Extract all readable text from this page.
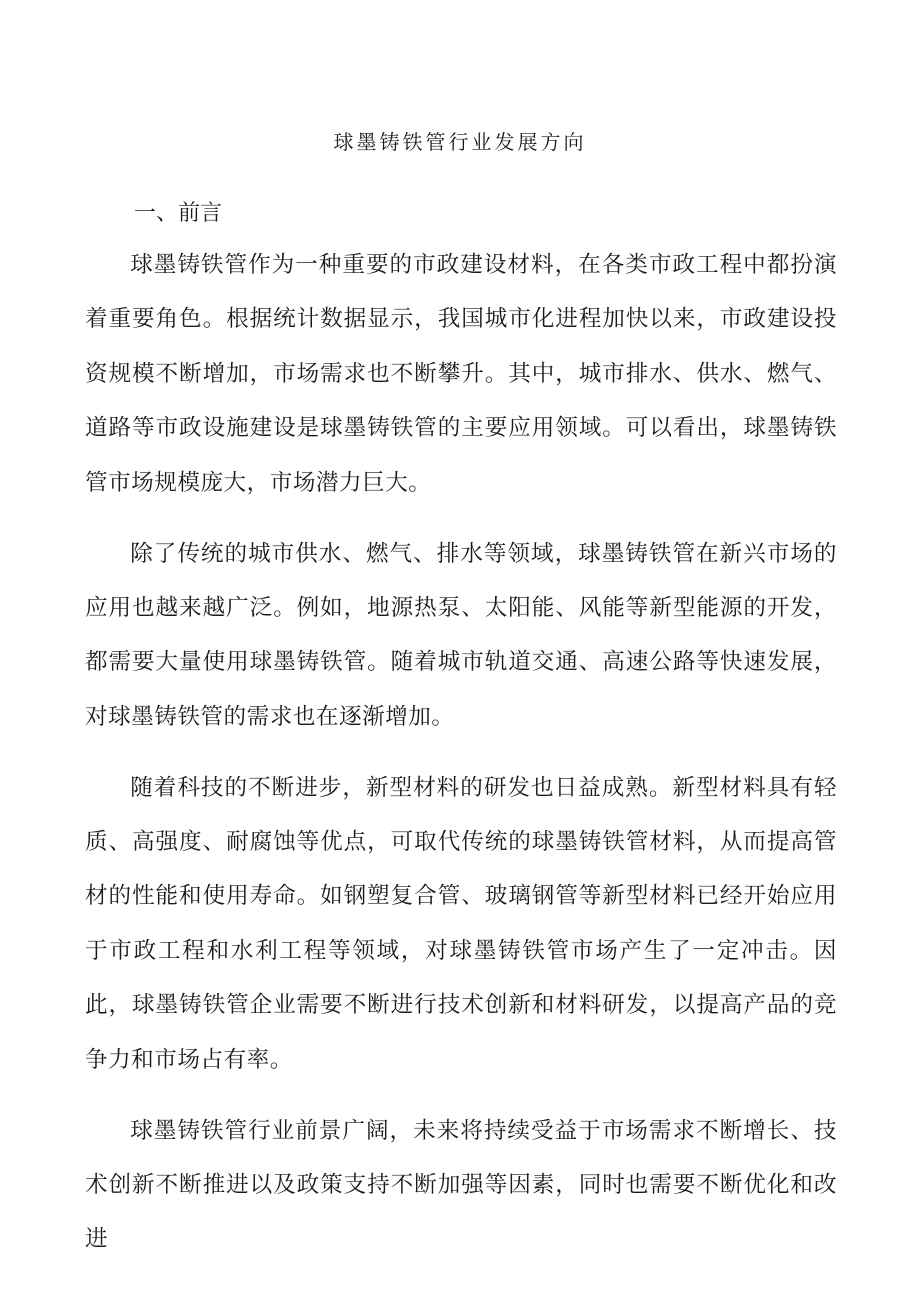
球墨铸铁管行业发展方向
一、前言

球墨铸铁管作为一种重要的市政建设材料，在各类市政工程中都扮演着重要角色。根据统计数据显示，我国城市化进程加快以来，市政建设投资规模不断增加，市场需求也不断攀升。其中，城市排水、供水、燃气、道路等市政设施建设是球墨铸铁管的主要应用领域。可以看出，球墨铸铁管市场规模庞大，市场潜力巨大。

除了传统的城市供水、燃气、排水等领域，球墨铸铁管在新兴市场的应用也越来越广泛。例如，地源热泵、太阳能、风能等新型能源的开发，都需要大量使用球墨铸铁管。随着城市轨道交通、高速公路等快速发展，对球墨铸铁管的需求也在逐渐增加。

随着科技的不断进步，新型材料的研发也日益成熟。新型材料具有轻质、高强度、耐腐蚀等优点，可取代传统的球墨铸铁管材料，从而提高管材的性能和使用寿命。如钢塑复合管、玻璃钢管等新型材料已经开始应用于市政工程和水利工程等领域，对球墨铸铁管市场产生了一定冲击。因此，球墨铸铁管企业需要不断进行技术创新和材料研发，以提高产品的竞争力和市场占有率。

球墨铸铁管行业前景广阔，未来将持续受益于市场需求不断增长、技术创新不断推进以及政策支持不断加强等因素，同时也需要不断优化和改进
